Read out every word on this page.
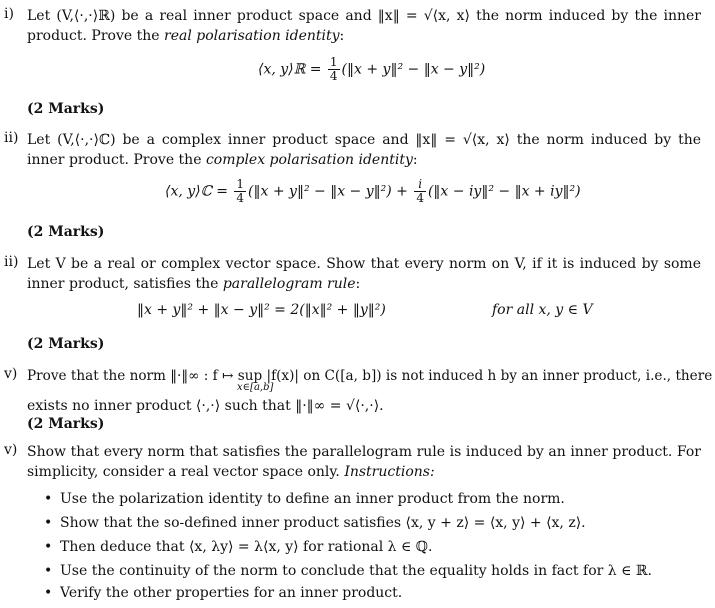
i) Let (V,⟨·,·⟩ℝ) be a real inner product space and ‖x‖ = √⟨x, x⟩ the norm induced by the inner product. Prove the real polarisation identity:
⟨x, y⟩ℝ = $\frac{1}{4}$ (‖x + y‖² − ‖x − y‖²)
(2 Marks)
ii) Let (V,⟨·,·⟩ℂ) be a complex inner product space and ‖x‖ = √⟨x, x⟩ the norm induced by the inner product. Prove the complex polarisation identity:
⟨x, y⟩ℂ = $\frac{1}{4}$ (‖x + y‖² − ‖x − y‖²) + $\frac{i}{4}$ (‖x − iy‖² − ‖x + iy‖²)
(2 Marks)
ii) Let V be a real or complex vector space. Show that every norm on V, if it is induced by some inner product, satisfies the parallelogram rule:
‖x + y‖² + ‖x − y‖² = 2(‖x‖² + ‖y‖²)	for all x, y ∈ V
(2 Marks)
v) Prove that the norm ‖·‖∞ : f ↦ sup |f(x)| on C([a, b]) is not induced h by an inner product, i.e., there
x∈[a,b]
exists no inner product ⟨·,·⟩ such that ‖·‖∞ = √⟨·,·⟩.
(2 Marks)
v) Show that every norm that satisfies the parallelogram rule is induced by an inner product. For simplicity, consider a real vector space only. Instructions:
Use the polarization identity to define an inner product from the norm.
Show that the so-defined inner product satisfies ⟨x, y + z⟩ = ⟨x, y⟩ + ⟨x, z⟩.
Then deduce that ⟨x, λy⟩ = λ⟨x, y⟩ for rational λ ∈ ℚ.
Use the continuity of the norm to conclude that the equality holds in fact for λ ∈ ℝ.
Verify the other properties for an inner product.
